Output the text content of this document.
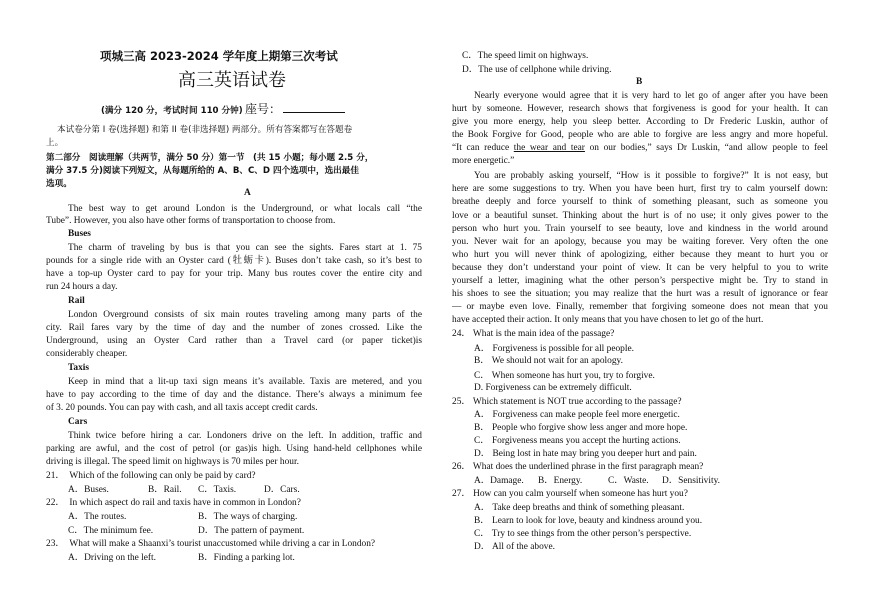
项城三高 2023-2024 学年度上期第三次考试
高三英语试卷
(满分 120 分，考试时间 110 分钟) 座号：
本试卷分第 I 卷(选择题) 和第 II 卷(非选择题) 两部分。所有答案都写在答题卷
上。
第二部分　阅读理解（共两节，满分 50 分）第一节　(共 15 小题；每小题 2.5 分，
满分 37.5 分)阅读下列短文，从每题所给的 A、B、C、D 四个选项中，选出最佳
选项。
A
The best way to get around London is the Underground, or what locals call “the
Tube”. However, you also have other forms of transportation to choose from.
Buses
The charm of traveling by bus is that you can see the sights. Fares start at 1. 75
pounds for a single ride with an Oyster card (牡蛎卡). Buses don’t take cash, so it’s best to
have a top-up Oyster card to pay for your trip. Many bus routes cover the entire city and
run 24 hours a day.
Rail
London Overground consists of six main routes traveling among many parts of the
city. Rail fares vary by the time of day and the number of zones crossed. Like the
Underground, using an Oyster Card rather than a Travel card (or paper ticket)is
considerably cheaper.
Taxis
Keep in mind that a lit-up taxi sign means it’s available. Taxis are metered, and you
have to pay according to the time of day and the distance. There’s always a minimum fee
of 3. 20 pounds. You can pay with cash, and all taxis accept credit cards.
Cars
Think twice before hiring a car. Londoners drive on the left. In addition, traffic and
parking are awful, and the cost of petrol (or gas)is high. Using hand-held cellphones while
driving is illegal. The speed limit on highways is 70 miles per hour.
21．　Which of the following can only be paid by card?
A．Buses.	B．Rail. C．Taxis.	D．Cars.
22．　In which aspect do rail and taxis have in common in London?
A．The routes.	B．The ways of charging.
C．The minimum fee.	D．The pattern of payment.
23．　What will make a Shaanxi’s tourist unaccustomed while driving a car in London?
A．Driving on the left.	B．Finding a parking lot.
C．The speed limit on highways.
D．The use of cellphone while driving.
B
Nearly everyone would agree that it is very hard to let go of anger after you have been
hurt by someone. However, research shows that forgiveness is good for your health. It can
give you more energy, help you sleep better. According to Dr Frederic Luskin, author of
the Book Forgive for Good, people who are able to forgive are less angry and more hopeful.
“It can reduce the wear and tear on our bodies,” says Dr Luskin, “and allow people to feel
more energetic.”
You are probably asking yourself, “How is it possible to forgive?” It is not easy, but
here are some suggestions to try. When you have been hurt, first try to calm yourself down:
breathe deeply and force yourself to think of something pleasant, such as someone you
love or a beautiful sunset. Thinking about the hurt is of no use; it only gives power to the
person who hurt you. Train yourself to see beauty, love and kindness in the world around
you. Never wait for an apology, because you may be waiting forever. Very often the one
who hurt you will never think of apologizing, either because they meant to hurt you or
because they don’t understand your point of view. It can be very helpful to you to write
yourself a letter, imagining what the other person’s perspective might be. Try to stand in
his shoes to see the situation; you may realize that the hurt was a result of ignorance or fear
— or maybe even love. Finally, remember that forgiving someone does not mean that you
have accepted their action. It only means that you have chosen to let go of the hurt.
24． What is the main idea of the passage?
A． Forgiveness is possible for all people.
B． We should not wait for an apology.
C． When someone has hurt you, try to forgive.
D. Forgiveness can be extremely difficult.
25． Which statement is NOT true according to the passage?
A． Forgiveness can make people feel more energetic.
B． People who forgive show less anger and more hope.
C． Forgiveness means you accept the hurting actions.
D． Being lost in hate may bring you deeper hurt and pain.
26． What does the underlined phrase in the first paragraph mean?
A．Damage. B．Energy.	C．Waste. D．Sensitivity.
27． How can you calm yourself when someone has hurt you?
A． Take deep breaths and think of something pleasant.
B． Learn to look for love, beauty and kindness around you.
C． Try to see things from the other person’s perspective.
D． All of the above.
